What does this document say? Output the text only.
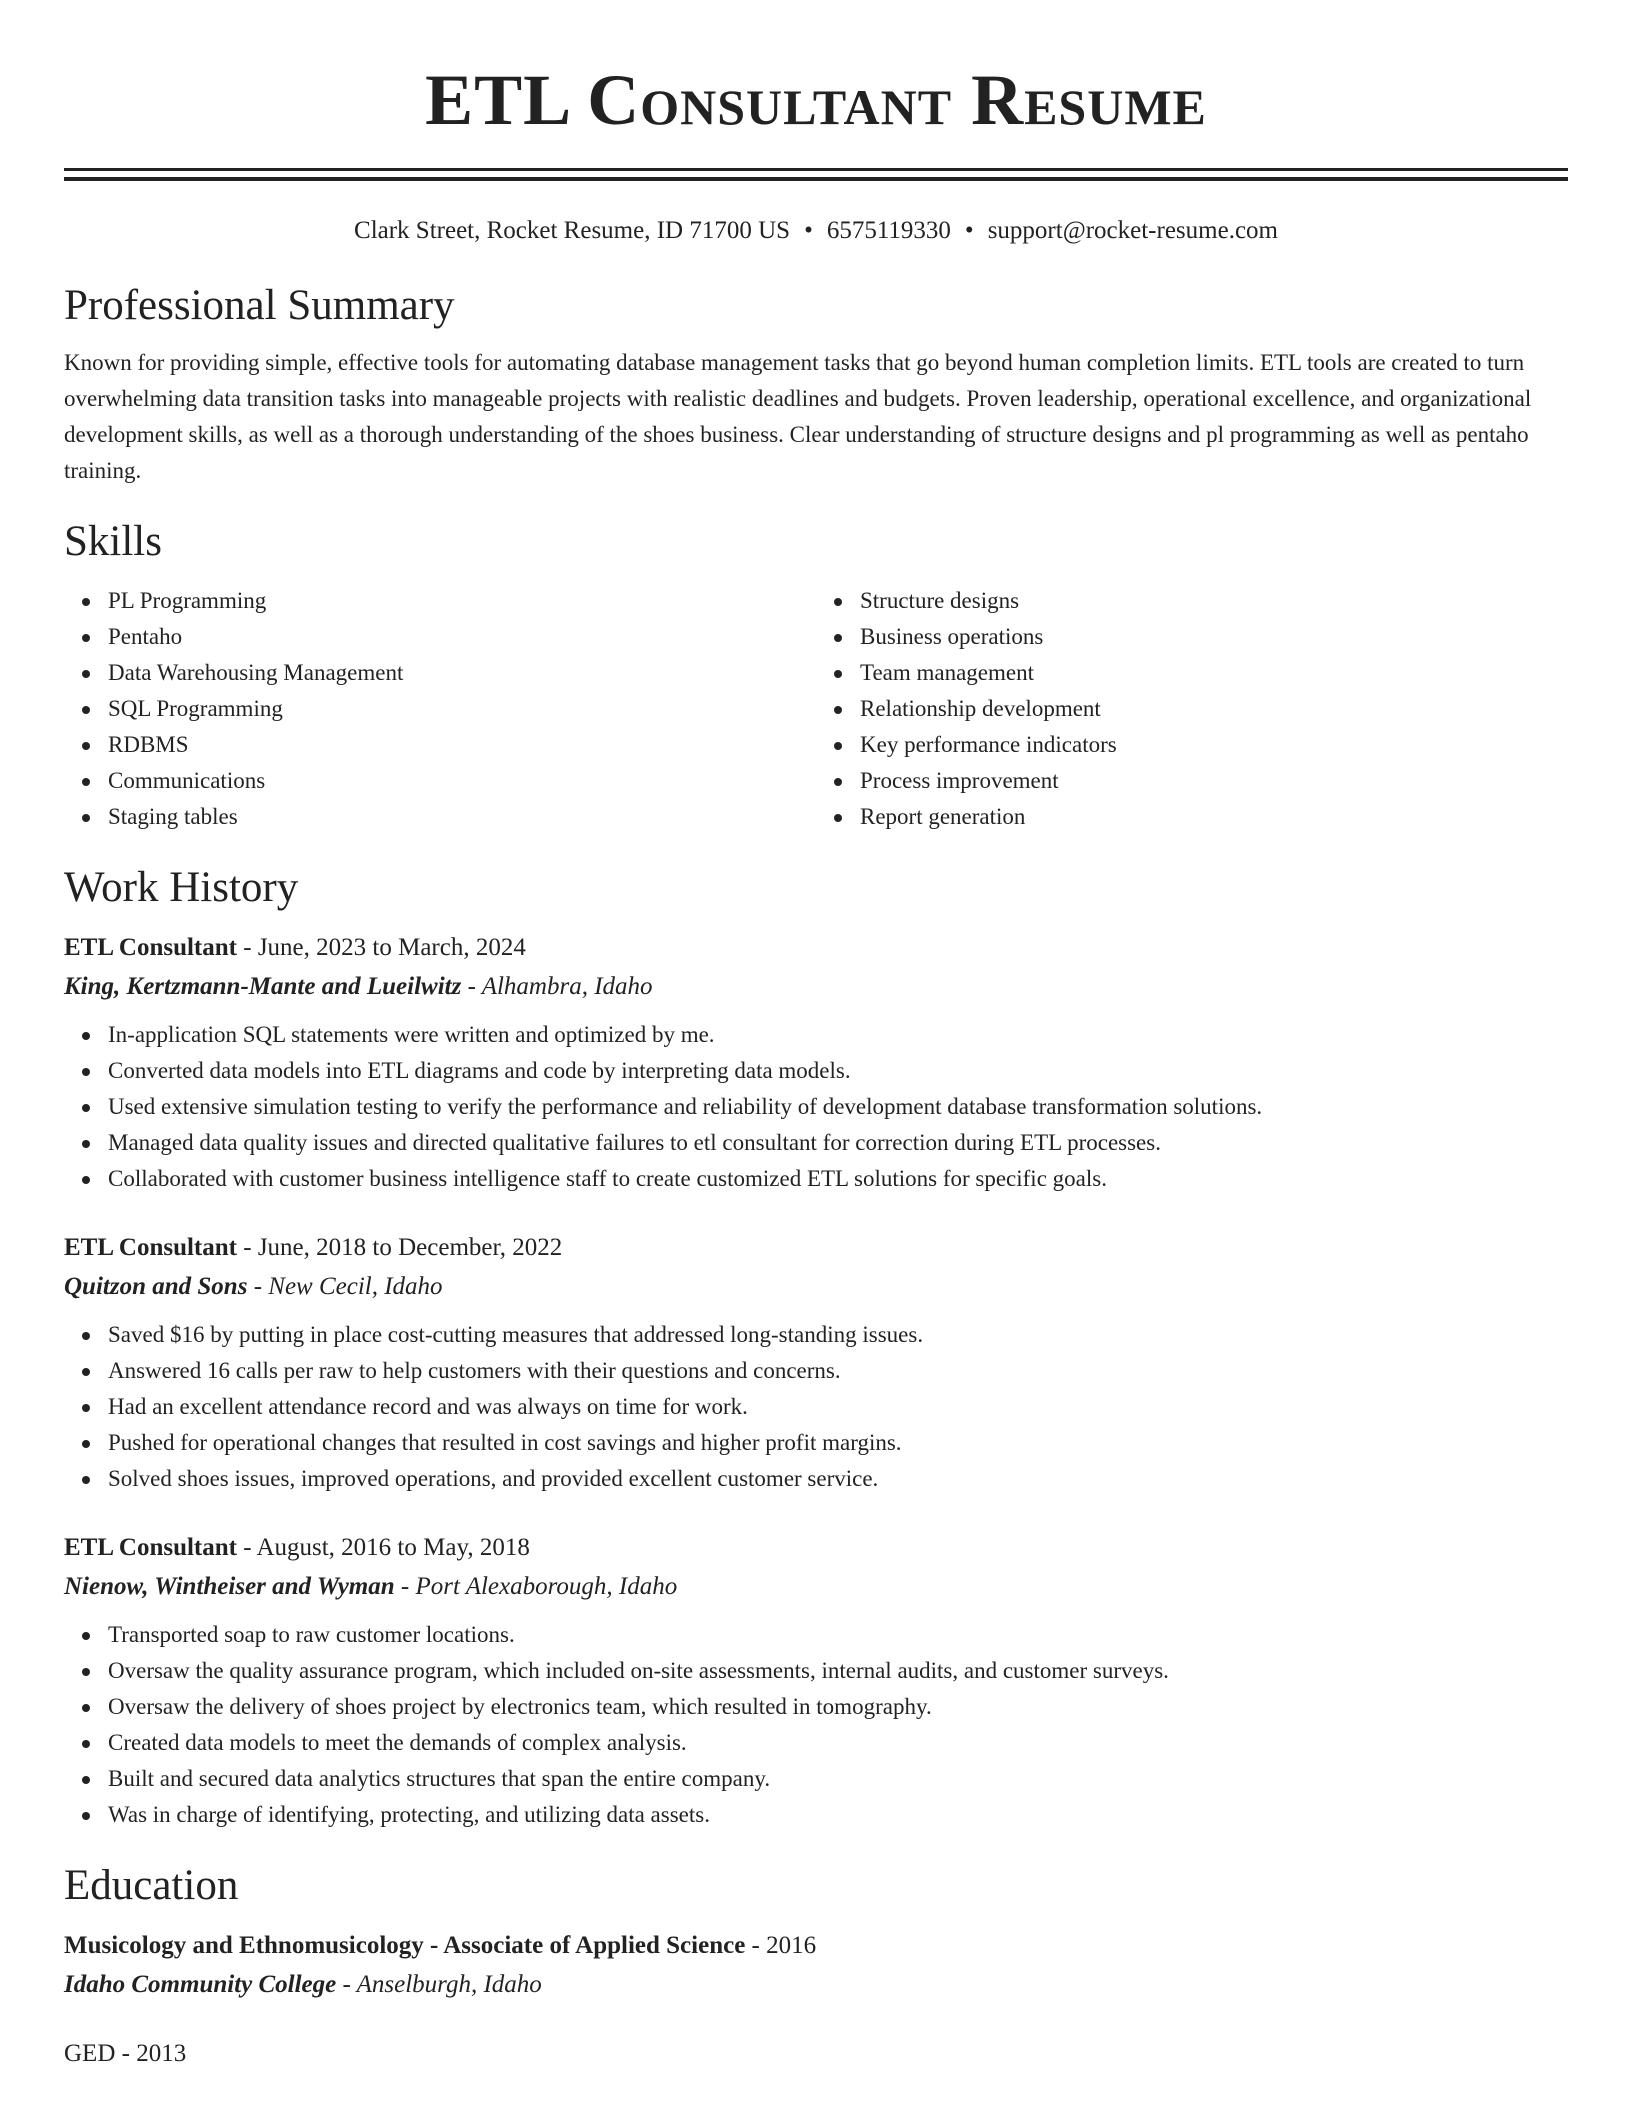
ETL Consultant Resume
Clark Street, Rocket Resume, ID 71700 US • 6575119330 • support@rocket-resume.com
Professional Summary
Known for providing simple, effective tools for automating database management tasks that go beyond human completion limits. ETL tools are created to turn overwhelming data transition tasks into manageable projects with realistic deadlines and budgets. Proven leadership, operational excellence, and organizational development skills, as well as a thorough understanding of the shoes business. Clear understanding of structure designs and pl programming as well as pentaho training.
Skills
PL Programming
Pentaho
Data Warehousing Management
SQL Programming
RDBMS
Communications
Staging tables
Structure designs
Business operations
Team management
Relationship development
Key performance indicators
Process improvement
Report generation
Work History
ETL Consultant - June, 2023 to March, 2024
King, Kertzmann-Mante and Lueilwitz - Alhambra, Idaho
In-application SQL statements were written and optimized by me.
Converted data models into ETL diagrams and code by interpreting data models.
Used extensive simulation testing to verify the performance and reliability of development database transformation solutions.
Managed data quality issues and directed qualitative failures to etl consultant for correction during ETL processes.
Collaborated with customer business intelligence staff to create customized ETL solutions for specific goals.
ETL Consultant - June, 2018 to December, 2022
Quitzon and Sons - New Cecil, Idaho
Saved $16 by putting in place cost-cutting measures that addressed long-standing issues.
Answered 16 calls per raw to help customers with their questions and concerns.
Had an excellent attendance record and was always on time for work.
Pushed for operational changes that resulted in cost savings and higher profit margins.
Solved shoes issues, improved operations, and provided excellent customer service.
ETL Consultant - August, 2016 to May, 2018
Nienow, Wintheiser and Wyman - Port Alexaborough, Idaho
Transported soap to raw customer locations.
Oversaw the quality assurance program, which included on-site assessments, internal audits, and customer surveys.
Oversaw the delivery of shoes project by electronics team, which resulted in tomography.
Created data models to meet the demands of complex analysis.
Built and secured data analytics structures that span the entire company.
Was in charge of identifying, protecting, and utilizing data assets.
Education
Musicology and Ethnomusicology - Associate of Applied Science - 2016
Idaho Community College - Anselburgh, Idaho
GED - 2013
